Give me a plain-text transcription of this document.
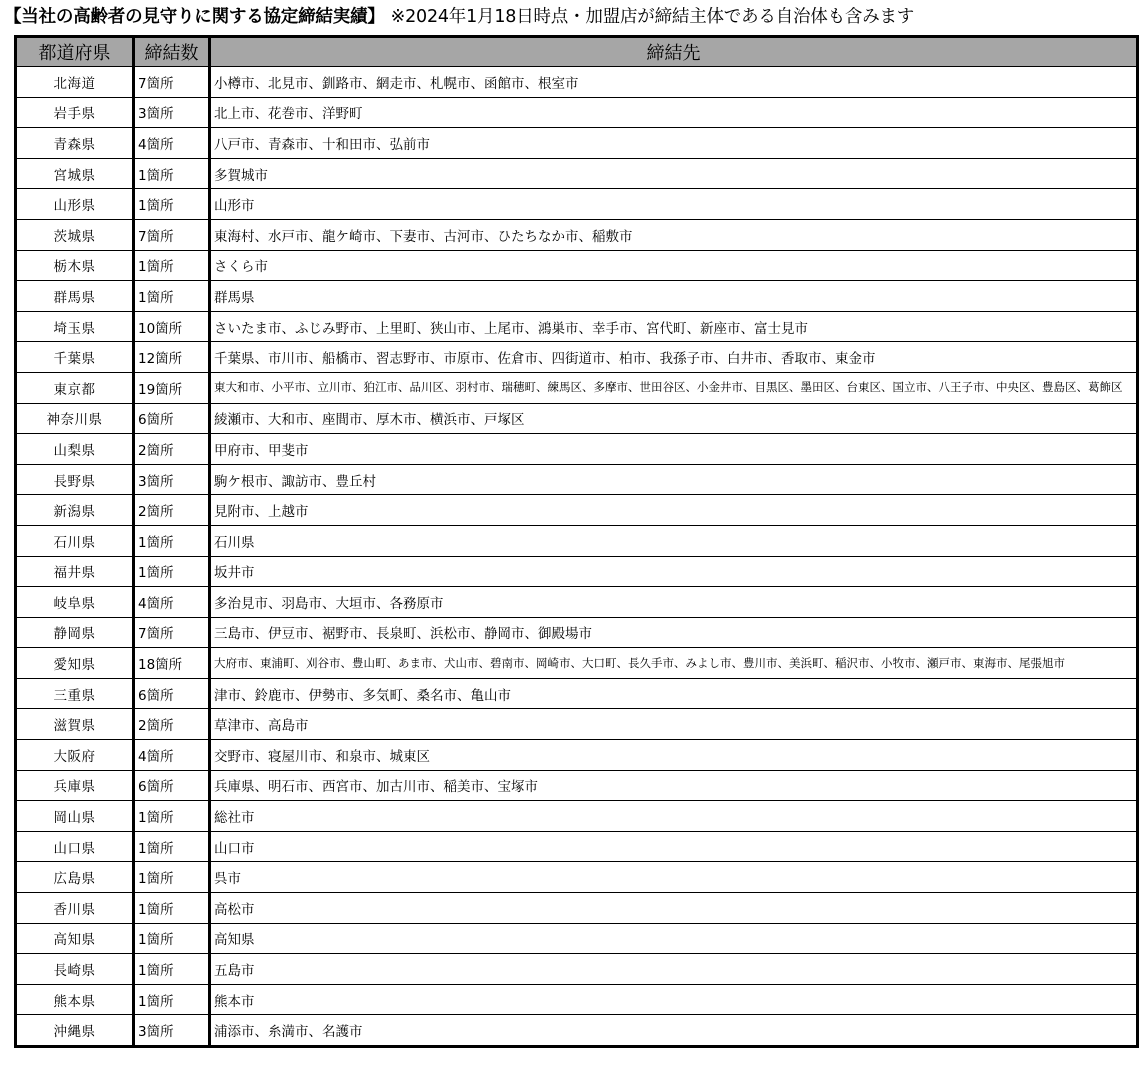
【当社の高齢者の見守りに関する協定締結実績】 ※2024年1月18日時点・加盟店が締結主体である自治体も含みます
都道府県	締結数	締結先
北海道	7箇所	小樽市、北見市、釧路市、網走市、札幌市、函館市、根室市
岩手県	3箇所	北上市、花巻市、洋野町
青森県	4箇所	八戸市、青森市、十和田市、弘前市
宮城県	1箇所	多賀城市
山形県	1箇所	山形市
茨城県	7箇所	東海村、水戸市、龍ケ崎市、下妻市、古河市、ひたちなか市、稲敷市
栃木県	1箇所	さくら市
群馬県	1箇所	群馬県
埼玉県	10箇所	さいたま市、ふじみ野市、上里町、狭山市、上尾市、鴻巣市、幸手市、宮代町、新座市、富士見市
千葉県	12箇所	千葉県、市川市、船橋市、習志野市、市原市、佐倉市、四街道市、柏市、我孫子市、白井市、香取市、東金市
東京都	19箇所	東大和市、小平市、立川市、狛江市、品川区、羽村市、瑞穂町、練馬区、多摩市、世田谷区、小金井市、目黒区、墨田区、台東区、国立市、八王子市、中央区、豊島区、葛飾区
神奈川県	6箇所	綾瀬市、大和市、座間市、厚木市、横浜市、戸塚区
山梨県	2箇所	甲府市、甲斐市
長野県	3箇所	駒ケ根市、諏訪市、豊丘村
新潟県	2箇所	見附市、上越市
石川県	1箇所	石川県
福井県	1箇所	坂井市
岐阜県	4箇所	多治見市、羽島市、大垣市、各務原市
静岡県	7箇所	三島市、伊豆市、裾野市、長泉町、浜松市、静岡市、御殿場市
愛知県	18箇所	大府市、東浦町、刈谷市、豊山町、あま市、犬山市、碧南市、岡崎市、大口町、長久手市、みよし市、豊川市、美浜町、稲沢市、小牧市、瀬戸市、東海市、尾張旭市
三重県	6箇所	津市、鈴鹿市、伊勢市、多気町、桑名市、亀山市
滋賀県	2箇所	草津市、高島市
大阪府	4箇所	交野市、寝屋川市、和泉市、城東区
兵庫県	6箇所	兵庫県、明石市、西宮市、加古川市、稲美市、宝塚市
岡山県	1箇所	総社市
山口県	1箇所	山口市
広島県	1箇所	呉市
香川県	1箇所	高松市
高知県	1箇所	高知県
長崎県	1箇所	五島市
熊本県	1箇所	熊本市
沖縄県	3箇所	浦添市、糸満市、名護市
